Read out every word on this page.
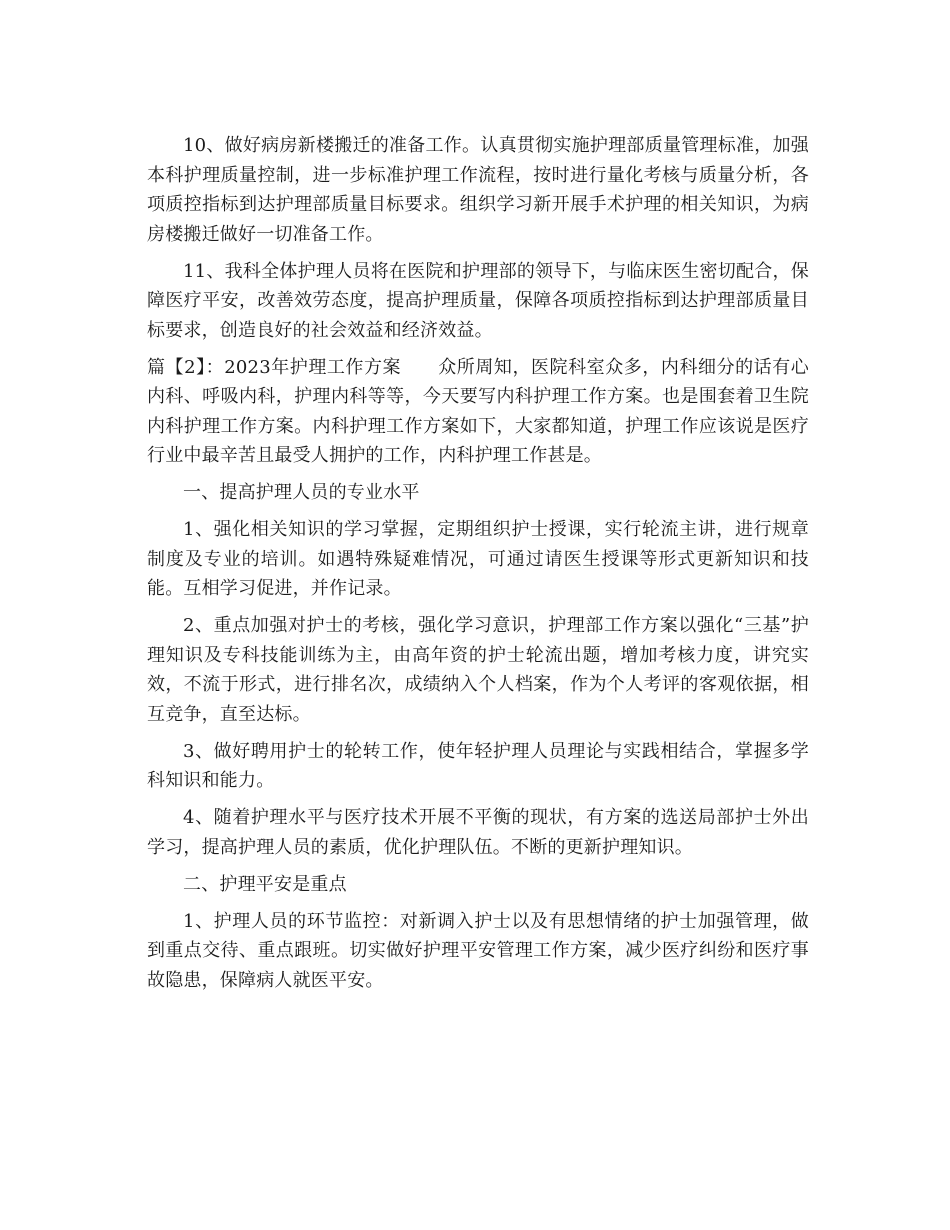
10、做好病房新楼搬迁的准备工作。认真贯彻实施护理部质量管理标准，加强本科护理质量控制，进一步标准护理工作流程，按时进行量化考核与质量分析，各项质控指标到达护理部质量目标要求。组织学习新开展手术护理的相关知识，为病房楼搬迁做好一切准备工作。

11、我科全体护理人员将在医院和护理部的领导下，与临床医生密切配合，保障医疗平安，改善效劳态度，提高护理质量，保障各项质控指标到达护理部质量目标要求，创造良好的社会效益和经济效益。

篇【2】：2023年护理工作方案　　众所周知，医院科室众多，内科细分的话有心内科、呼吸内科，护理内科等等，今天要写内科护理工作方案。也是围套着卫生院内科护理工作方案。内科护理工作方案如下，大家都知道，护理工作应该说是医疗行业中最辛苦且最受人拥护的工作，内科护理工作甚是。

一、提高护理人员的专业水平

1、强化相关知识的学习掌握，定期组织护士授课，实行轮流主讲，进行规章制度及专业的培训。如遇特殊疑难情况，可通过请医生授课等形式更新知识和技能。互相学习促进，并作记录。

2、重点加强对护士的考核，强化学习意识，护理部工作方案以强化“三基”护理知识及专科技能训练为主，由高年资的护士轮流出题，增加考核力度，讲究实效，不流于形式，进行排名次，成绩纳入个人档案，作为个人考评的客观依据，相互竞争，直至达标。

3、做好聘用护士的轮转工作，使年轻护理人员理论与实践相结合，掌握多学科知识和能力。

4、随着护理水平与医疗技术开展不平衡的现状，有方案的选送局部护士外出学习，提高护理人员的素质，优化护理队伍。不断的更新护理知识。

二、护理平安是重点

1、护理人员的环节监控：对新调入护士以及有思想情绪的护士加强管理，做到重点交待、重点跟班。切实做好护理平安管理工作方案，减少医疗纠纷和医疗事故隐患，保障病人就医平安。
